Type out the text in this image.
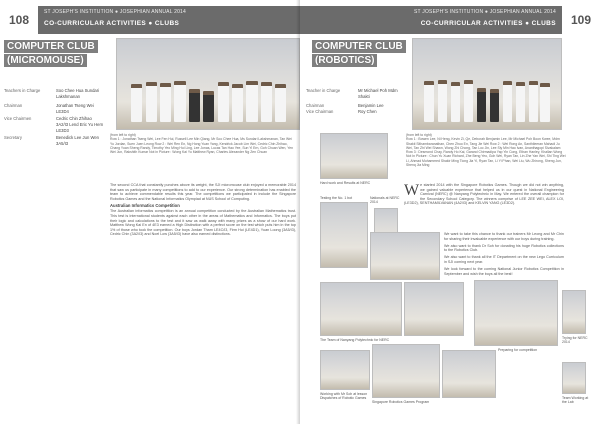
108
ST JOSEPH'S INSTITUTION ● JOSEPHIAN ANNUAL 2014
CO-CURRICULAR ACTIVITIES ● CLUBS
COMPUTER CLUB
(MICROMOUSE)
Teachers in Charge	Soo Chee Hua Sundari Lakshmanan
Chairman	Jonathan Tseng Wei LE3D4
Vice Chairmen	Cedric Chin Zhihao 3A2/I3 Lend Eric Yu Hern LE3D3
Secretary	Benedick Lee Jun Wen 3A5/I3
(from left to right)
Row 1 : Jonathan Tseng Wei, Lee Fen Hui, Russell Lee Min Qiang, Mr Soo Chee Hua, Ms Sundari Lakshmanan, Tan Wei Yu Jordan, Suen Juen Leong Row 2 : Wei Ren En, Ng Hong Yuan Yang, Kendrick Jacob Lim Wei, Cedric Chin Zhihao, Chang Yuan Sheng Randy, Timothy Yeo Ming Hui Ling, Lee Jonas, Lucas Tan Hao Yee, Sun Yi Ern, Goh Chuan Wen, Yen Wei Jun, Rakshith Kumar Not in Picture : Wong Kai Yu Matthew Ryan, Charles Alexander Ng Zen Chuan

The second CCA that constantly punches above its weight, the SJI micromouse club enjoyed a memorable 2014 that saw us participate in many competitions to add to our experience. Our strong determination has enabled the team to achieve commendable results this year. The competitions we participated in include the Singapore Robotics Games and the National Informatics Olympiad at NUS School of Computing.

Australian Informatics Competition

The Australian informatics competition is an annual competition conducted by the Australian Mathematics trust. This test is international students against each other in the areas of Mathematics and Informatics. The boys put their logic and calculations to the test and it saw us walk away with many prizes as a show of our hard work. Matthew Wong Kai En of 4E3 earned a High Distinction with a perfect score on the test which puts him in the top 1% of those who took the competition. Our boys Jordan Tham LE4C/I3, Firm Hui (LE4D1), Yuan Loong (3A5/I3), Cedric Chin (3A2/I3) and Noel Low (3A5/I3) have also earned distinctions.

109
ST JOSEPH'S INSTITUTION ● JOSEPHIAN ANNUAL 2014
CO-CURRICULAR ACTIVITIES ● CLUBS
COMPUTER CLUB
(ROBOTICS)
Teacher in Charge	Mr Michael Poh Mdm Shakti
Chairman	Benjamin Lee
Vice Chairman	Roy Chen
(from left to right)
Row 1 : Bowen Lee, Ni Heng, Kevin Zi, Qe, Deborah Benjamin Lee, Mr Michael Poh Boon Kwee, Mdm Shakti Sithambaranathan, Chen Zhuo En, Tang Jie Wei Row 2 : Wei Rong An, Santhileeran Mahadi Ju Wei, Tan Zhi Wei Shawn, Wong Zhi Chong, Tan Loc Jin, Lee Siy Min Hao Ivan, Ananthagopi Sivakalam Row 3 : Desmond Chay, Randy Ho Kai, Garand Chirmadipa Yap Yin Cong, Ethan Hanley, Khallan Wong Not In Picture : Chun Yu Xuan Richard, Zhe Beng Yeo, Goh Wei, Ryan Tan, Lin Zhe Yan Wei, Shi Ting Wei Li, Ahmad Muhammed Shakir Ming Tiong Jia Yi, Ryan Tan, Li Yi Phan, Wei Liu, Wu Zhirong, Sheng Jun, Shenq Jia Ming
Hard work and Results at NERC
Testing the No. 1 bot	Nationals at NERC 2014

We started 2014 with the Singapore Robotics Games. Though we did not win anything, we gained valuable experience that helped us in our quest in National Engineering Carnival (NERC) @ Nanyang Polytechnic in May. We entered the overall champion for the Secondary School Category. The winners comprise of LEE ZEE WEI, ALEX LOI, (LE3D2), SENTHAMILVANAN (4A2/I3) and KELVIN YANG (LE3D2).

We want to take this chance to thank our trainers Mr Leong and Mr Chin for sharing their invaluable experience with our boys during training.

We also want to thank Dr Soh for donating his huge Robotics collections to the Robotics Club.

We also want to thank all the IT Department on the new Lego Curriculum in SJI coming next year.

We look forward to the coming National Junior Robotics Competition in September and wish the boys all the best!

The Team of Nanyang Polytechnic for NERC
Preparing for competition
Working with Mr Soh at lesson Dispatches of Robotic Games
Singapore Robotics Games Program
Trying for NERC 2014
Team Working at the Lab
